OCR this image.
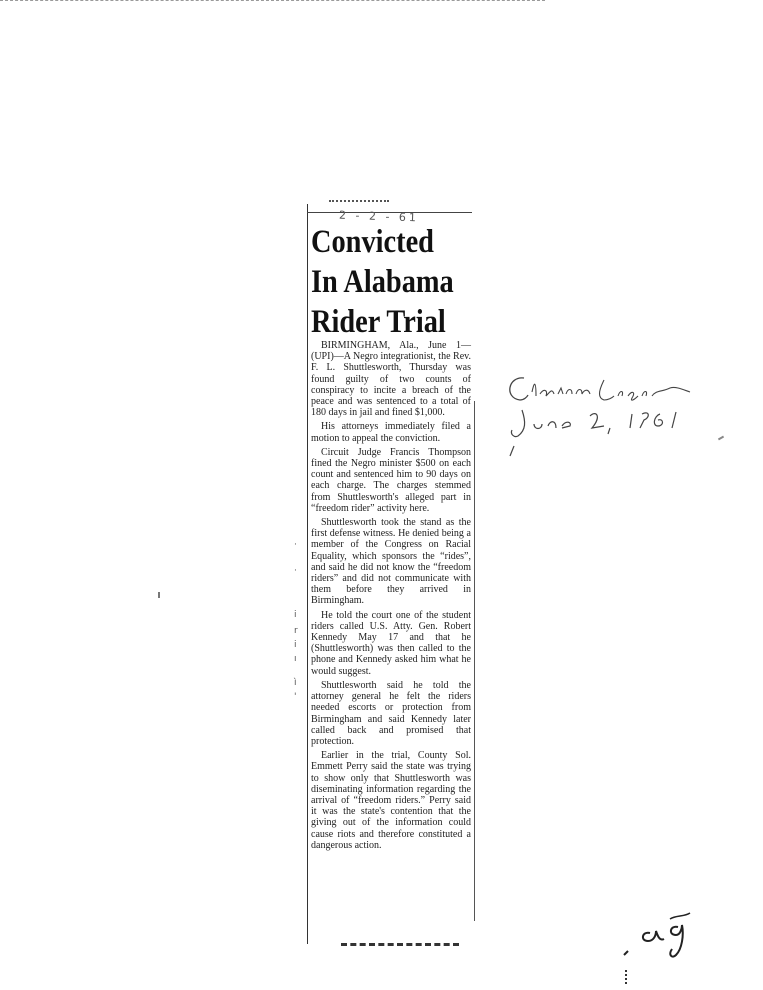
2 - 2 - 61
Convicted
In Alabama
Rider Trial

BIRMINGHAM, Ala., June 1—(UPI)—A Negro integrationist, the Rev. F. L. Shuttlesworth, Thursday was found guilty of two counts of conspiracy to incite a breach of the peace and was sentenced to a total of 180 days in jail and fined $1,000.

His attorneys immediately filed a motion to appeal the conviction.

Circuit Judge Francis Thompson fined the Negro minister $500 on each count and sentenced him to 90 days on each charge. The charges stemmed from Shuttlesworth's alleged part in “freedom rider” activity here.

Shuttlesworth took the stand as the first defense witness. He denied being a member of the Congress on Racial Equality, which sponsors the “rides”, and said he did not know the “freedom riders” and did not communicate with them before they arrived in Birmingham.

He told the court one of the student riders called U.S. Atty. Gen. Robert Kennedy May 17 and that he (Shuttlesworth) was then called to the phone and Kennedy asked him what he would suggest.

Shuttlesworth said he told the attorney general he felt the riders needed escorts or protection from Birmingham and said Kennedy later called back and promised that protection.

Earlier in the trial, County Sol. Emmett Perry said the state was trying to show only that Shuttlesworth was diseminating information regarding the arrival of “freedom riders.” Perry said it was the state's contention that the giving out of the information could cause riots and therefore constituted a dangerous action.

·
·
i
r
i
ı
ì
'
